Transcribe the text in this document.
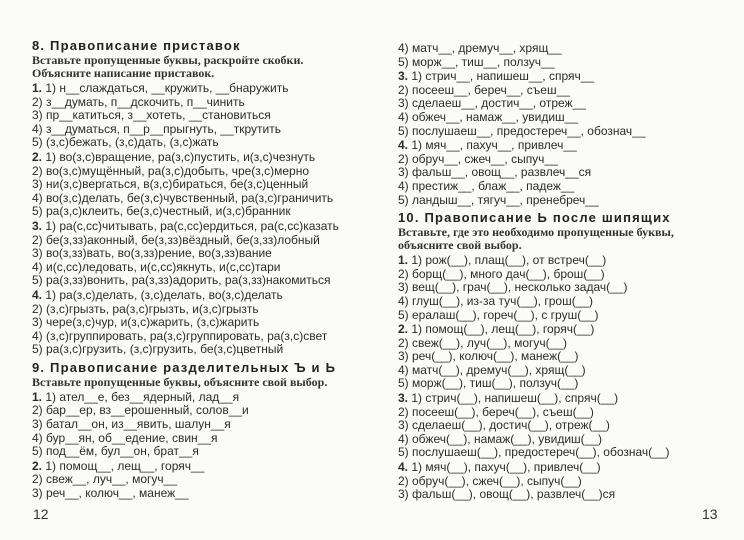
8. Правописание приставок
Вставьте пропущенные буквы, раскройте скобки. Объясните написание приставок.
1. 1) н__слаждаться, __кружить, __бнаружить
2) з__думать, п__дскочить, п__чинить
3) пр__катиться, з__хотеть, __становиться
4) з__думаться, п__р__прыгнуть, __ткрутить
5) (з,с)бежать, (з,с)дать, (з,с)жать
2. 1) во(з,с)вращение, ра(з,с)пустить, и(з,с)чезнуть
2) во(з,с)мущённый, ра(з,с)добыть, чре(з,с)мерно
3) ни(з,с)вергаться, в(з,с)бираться, бе(з,с)ценный
4) во(з,с)делать, бе(з,с)чувственный, ра(з,с)граничить
5) ра(з,с)клеить, бе(з,с)честный, и(з,с)бранник
3. 1) ра(с,сс)читывать, ра(с,сс)ердиться, ра(с,сс)казать
2) бе(з,зз)аконный, бе(з,зз)вёздный, бе(з,зз)лобный
3) во(з,зз)вать, во(з,зз)рение, во(з,зз)вание
4) и(с,сс)ледовать, и(с,сс)якнуть, и(с,сс)тари
5) ра(з,зз)вонить, ра(з,зз)адорить, ра(з,зз)накомиться
4. 1) ра(з,с)делать, (з,с)делать, во(з,с)делать
2) (з,с)грызть, ра(з,с)грызть, и(з,с)грызть
3) чере(з,с)чур, и(з,с)жарить, (з,с)жарить
4) (з,с)группировать, ра(з,с)группировать, ра(з,с)свет
5) ра(з,с)грузить, (з,с)грузить, бе(з,с)цветный
9. Правописание разделительных Ъ и Ь
Вставьте пропущенные буквы, объясните свой выбор.
1. 1) ател__е, без__ядерный, лад__я
2) бар__ер, вз__ерошенный, солов__и
3) батал__он, из__явить, шалун__я
4) бур__ян, об__едение, свин__я
5) под__ём, бул__он, брат__я
2. 1) помощ__, лещ__, горяч__
2) свеж__, луч__, могуч__
3) реч__, колюч__, манеж__
4) матч__, дремуч__, хрящ__
5) морж__, тиш__, ползуч__
3. 1) стрич__, напишеш__, спряч__
2) посееш__, береч__, съеш__
3) сделаеш__, достич__, отреж__
4) обжеч__, намаж__, увидиш__
5) послушаеш__, предостереч__, обознач__
4. 1) мяч__, пахуч__, привлеч__
2) обруч__, сжеч__, сыпуч__
3) фальш__, овощ__, развлеч__ся
4) престиж__, блаж__, падеж__
5) ландыш__, тягуч__, пренебреч__
10. Правописание Ь после шипящих
Вставьте, где это необходимо пропущенные буквы, объясните свой выбор.
1. 1) рож(__), плащ(__), от встреч(__)
2) борщ(__), много дач(__), брош(__)
3) вещ(__), грач(__), несколько задач(__)
4) глуш(__), из-за туч(__), грош(__)
5) ералаш(__), гореч(__), с груш(__)
2. 1) помощ(__), лещ(__), горяч(__)
2) свеж(__), луч(__), могуч(__)
3) реч(__), колюч(__), манеж(__)
4) матч(__), дремуч(__), хрящ(__)
5) морж(__), тиш(__), ползуч(__)
3. 1) стрич(__), напишеш(__), спряч(__)
2) посееш(__), береч(__), съеш(__)
3) сделаеш(__), достич(__), отреж(__)
4) обжеч(__), намаж(__), увидиш(__)
5) послушаеш(__), предостереч(__), обознач(__)
4. 1) мяч(__), пахуч(__), привлеч(__)
2) обруч(__), сжеч(__), сыпуч(__)
3) фальш(__), овощ(__), развлеч(__)ся
12	13
